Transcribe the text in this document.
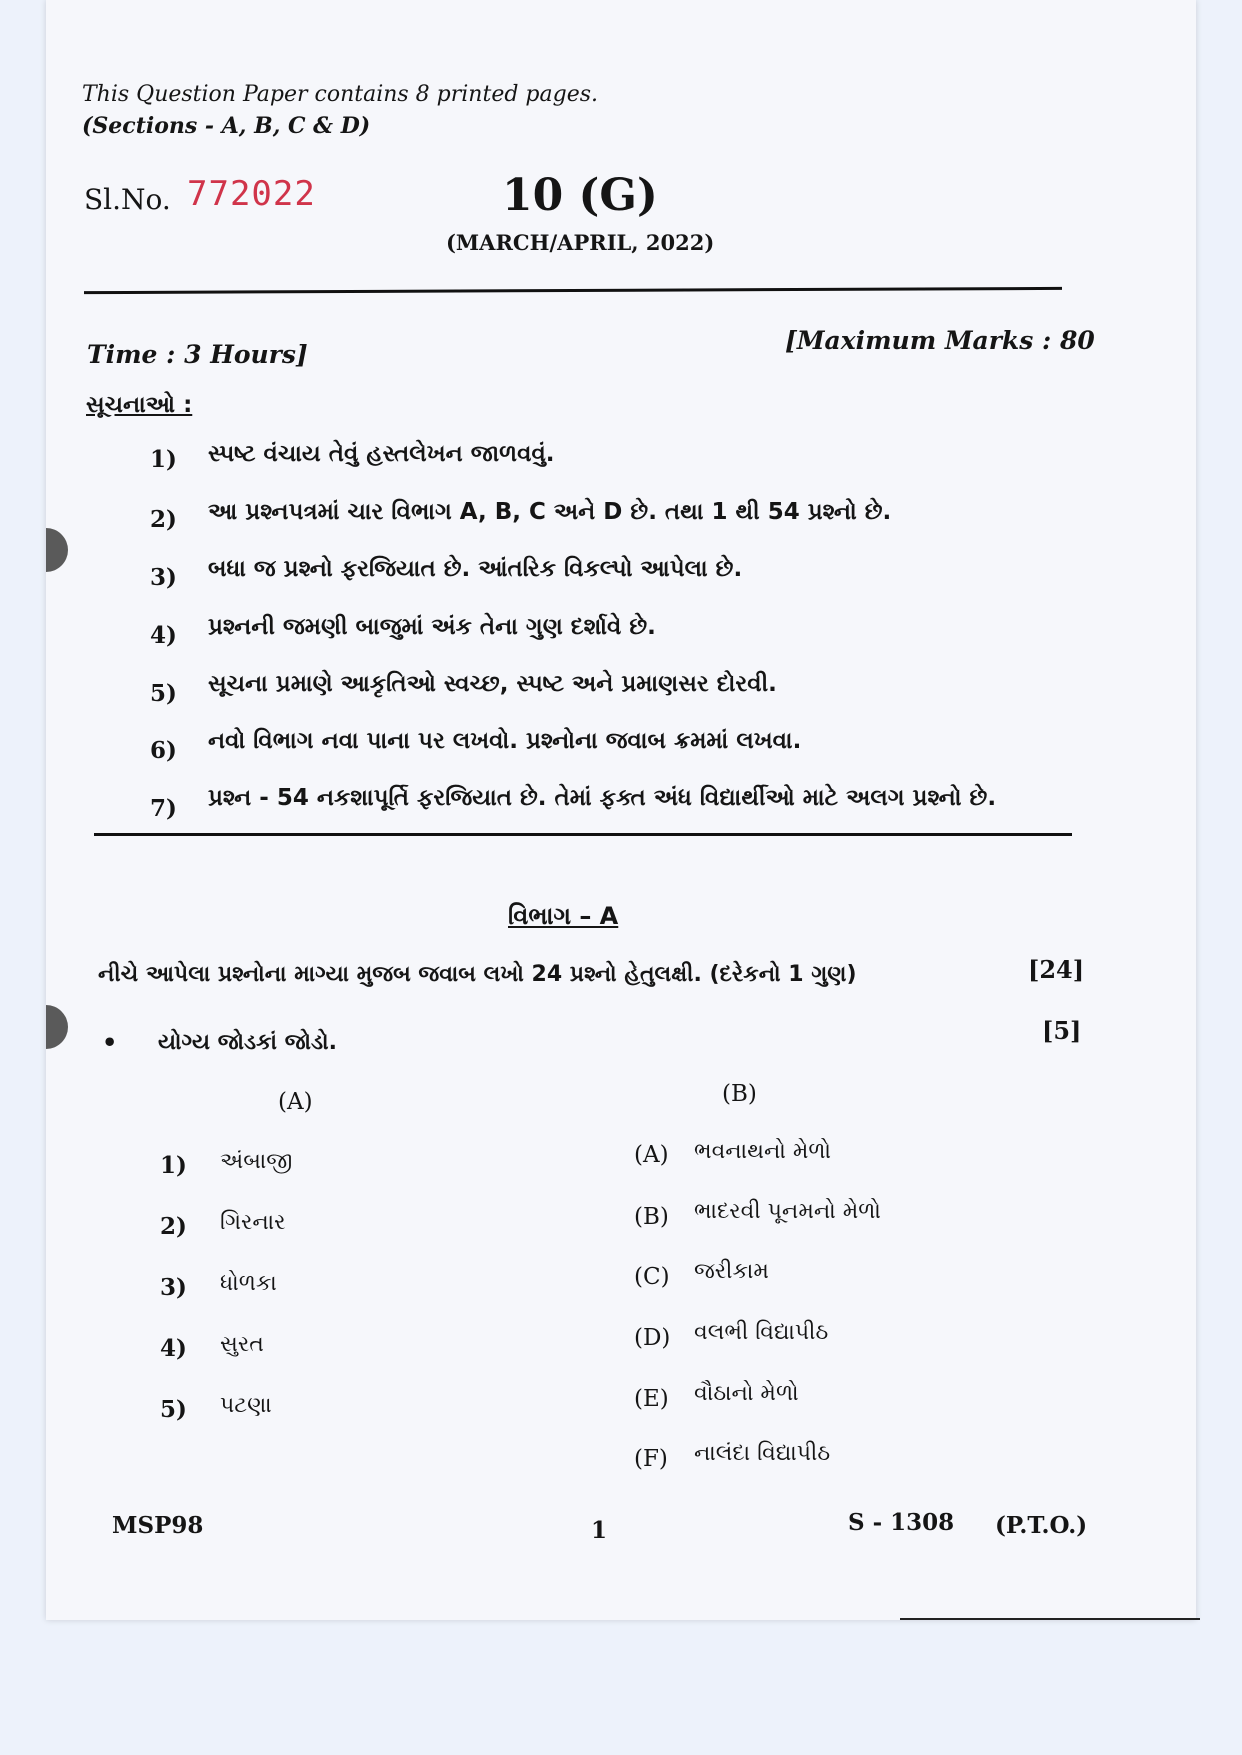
This Question Paper contains 8 printed pages.
(Sections - A, B, C & D)
Sl.No. 772022	10 (G)
(MARCH/APRIL, 2022)
Time : 3 Hours]	[Maximum Marks : 80
સૂચનાઓ :
1) સ્પષ્ટ વંચાય તેવું હસ્તલેખન જાળવવું.
2) આ પ્રશ્નપત્રમાં ચાર વિભાગ A, B, C અને D છે. તથા 1 થી 54 પ્રશ્નો છે.
3) બધા જ પ્રશ્નો ફરજિયાત છે. આંતરિક વિકલ્પો આપેલા છે.
4) પ્રશ્નની જમણી બાજુમાં અંક તેના ગુણ દર્શાવે છે.
5) સૂચના પ્રમાણે આકૃતિઓ સ્વચ્છ, સ્પષ્ટ અને પ્રમાણસર દોરવી.
6) નવો વિભાગ નવા પાના પર લખવો. પ્રશ્નોના જવાબ ક્રમમાં લખવા.
7) પ્રશ્ન - 54 નકશાપૂર્તિ ફરજિયાત છે. તેમાં ફક્ત અંધ વિદ્યાર્થીઓ માટે અલગ પ્રશ્નો છે.
વિભાગ – A
નીચે આપેલા પ્રશ્નોના માગ્યા મુજબ જવાબ લખો 24 પ્રશ્નો હેતુલક્ષી. (દરેકનો 1 ગુણ)	[24]
• યોગ્ય જોડકાં જોડો.	[5]
(A)	(B)
1) અંબાજી
2) ગિરનાર
3) ધોળકા
4) સુરત
5) પટણા
(A) ભવનાથનો મેળો
(B) ભાદરવી પૂનમનો મેળો
(C) જરીકામ
(D) વલભી વિદ્યાપીઠ
(E) વૌઠાનો મેળો
(F) નાલંદા વિદ્યાપીઠ
MSP98	1	S - 1308 (P.T.O.)
